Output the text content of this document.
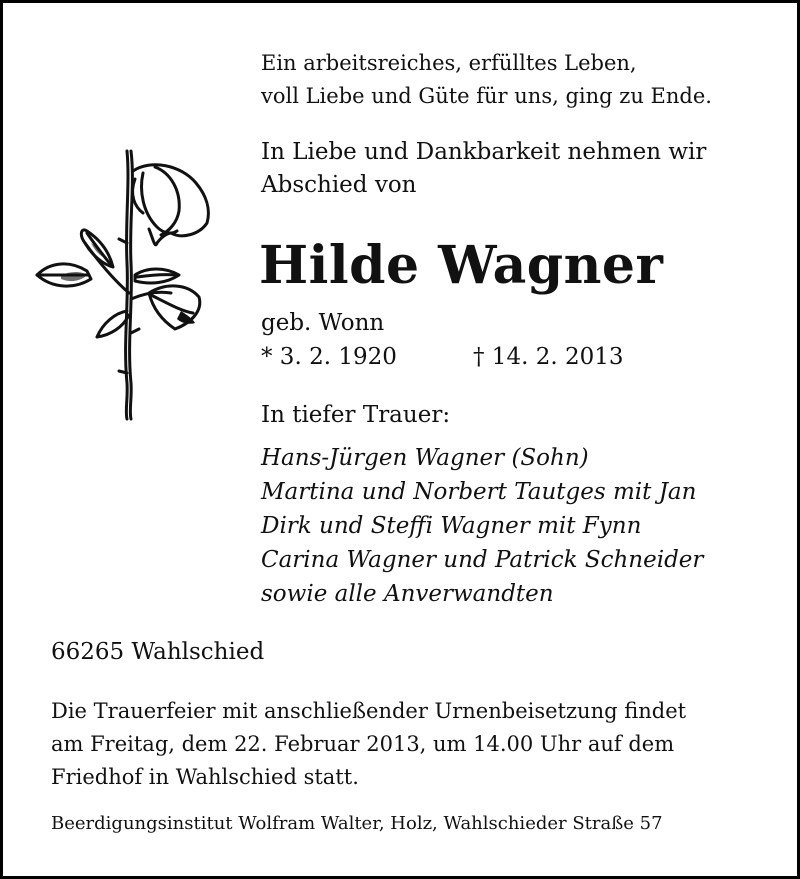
Ein arbeitsreiches, erfülltes Leben,
voll Liebe und Güte für uns, ging zu Ende.
In Liebe und Dankbarkeit nehmen wir
Abschied von
Hilde Wagner
geb. Wonn
* 3. 2. 1920	† 14. 2. 2013
In tiefer Trauer:
Hans-Jürgen Wagner (Sohn)
Martina und Norbert Tautges mit Jan
Dirk und Steffi Wagner mit Fynn
Carina Wagner und Patrick Schneider
sowie alle Anverwandten
66265 Wahlschied
Die Trauerfeier mit anschließender Urnenbeisetzung findet
am Freitag, dem 22. Februar 2013, um 14.00 Uhr auf dem
Friedhof in Wahlschied statt.
Beerdigungsinstitut Wolfram Walter, Holz, Wahlschieder Straße 57
